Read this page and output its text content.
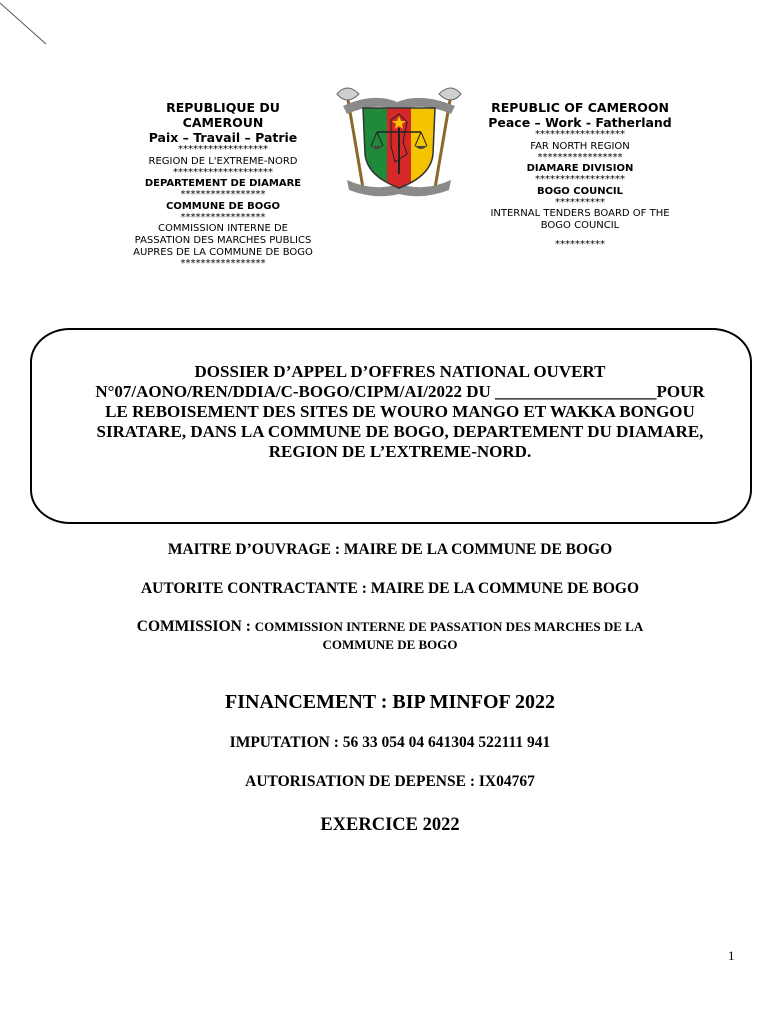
REPUBLIQUE DU
CAMEROUN
Paix – Travail – Patrie
******************
REGION DE L'EXTREME-NORD
********************
DEPARTEMENT DE DIAMARE
*****************
COMMUNE DE BOGO
*****************
COMMISSION INTERNE DE
PASSATION DES MARCHES PUBLICS
AUPRES DE LA COMMUNE DE BOGO
*****************
REPUBLIC OF CAMEROON
Peace – Work - Fatherland
******************
FAR NORTH REGION
*****************
DIAMARE DIVISION
******************
BOGO COUNCIL
**********
INTERNAL TENDERS BOARD OF THE
BOGO COUNCIL
**********
DOSSIER D’APPEL D’OFFRES NATIONAL OUVERT
N°07/AONO/REN/DDIA/C-BOGO/CIPM/AI/2022 DU ___________________POUR
LE REBOISEMENT DES SITES DE WOURO MANGO ET WAKKA BONGOU
SIRATARE, DANS LA COMMUNE DE BOGO, DEPARTEMENT DU DIAMARE,
REGION DE L’EXTREME-NORD.
MAITRE D’OUVRAGE : MAIRE DE LA COMMUNE DE BOGO
AUTORITE CONTRACTANTE : MAIRE DE LA COMMUNE DE BOGO
COMMISSION : COMMISSION INTERNE DE PASSATION DES MARCHES DE LA
COMMUNE DE BOGO
FINANCEMENT : BIP MINFOF 2022
IMPUTATION : 56 33 054 04 641304 522111 941
AUTORISATION DE DEPENSE : IX04767
EXERCICE 2022
1
